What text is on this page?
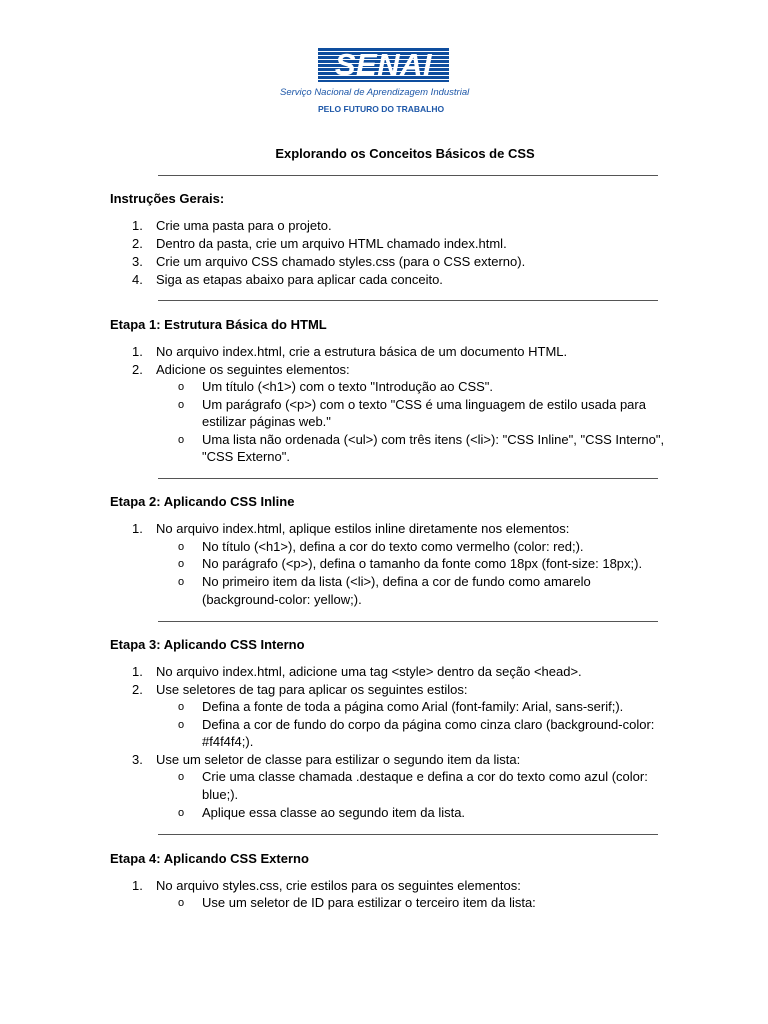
SENAI
Serviço Nacional de Aprendizagem Industrial
PELO FUTURO DO TRABALHO
Explorando os Conceitos Básicos de CSS
Instruções Gerais:
1. Crie uma pasta para o projeto.
2. Dentro da pasta, crie um arquivo HTML chamado index.html.
3. Crie um arquivo CSS chamado styles.css (para o CSS externo).
4. Siga as etapas abaixo para aplicar cada conceito.
Etapa 1: Estrutura Básica do HTML
1. No arquivo index.html, crie a estrutura básica de um documento HTML.
2. Adicione os seguintes elementos:
o Um título (<h1>) com o texto "Introdução ao CSS".
o Um parágrafo (<p>) com o texto "CSS é uma linguagem de estilo usada para
estilizar páginas web."
o Uma lista não ordenada (<ul>) com três itens (<li>): "CSS Inline", "CSS Interno",
"CSS Externo".
Etapa 2: Aplicando CSS Inline
1. No arquivo index.html, aplique estilos inline diretamente nos elementos:
o No título (<h1>), defina a cor do texto como vermelho (color: red;).
o No parágrafo (<p>), defina o tamanho da fonte como 18px (font-size: 18px;).
o No primeiro item da lista (<li>), defina a cor de fundo como amarelo
(background-color: yellow;).
Etapa 3: Aplicando CSS Interno
1. No arquivo index.html, adicione uma tag <style> dentro da seção <head>.
2. Use seletores de tag para aplicar os seguintes estilos:
o Defina a fonte de toda a página como Arial (font-family: Arial, sans-serif;).
o Defina a cor de fundo do corpo da página como cinza claro (background-color:
#f4f4f4;).
3. Use um seletor de classe para estilizar o segundo item da lista:
o Crie uma classe chamada .destaque e defina a cor do texto como azul (color:
blue;).
o Aplique essa classe ao segundo item da lista.
Etapa 4: Aplicando CSS Externo
1. No arquivo styles.css, crie estilos para os seguintes elementos:
o Use um seletor de ID para estilizar o terceiro item da lista:
